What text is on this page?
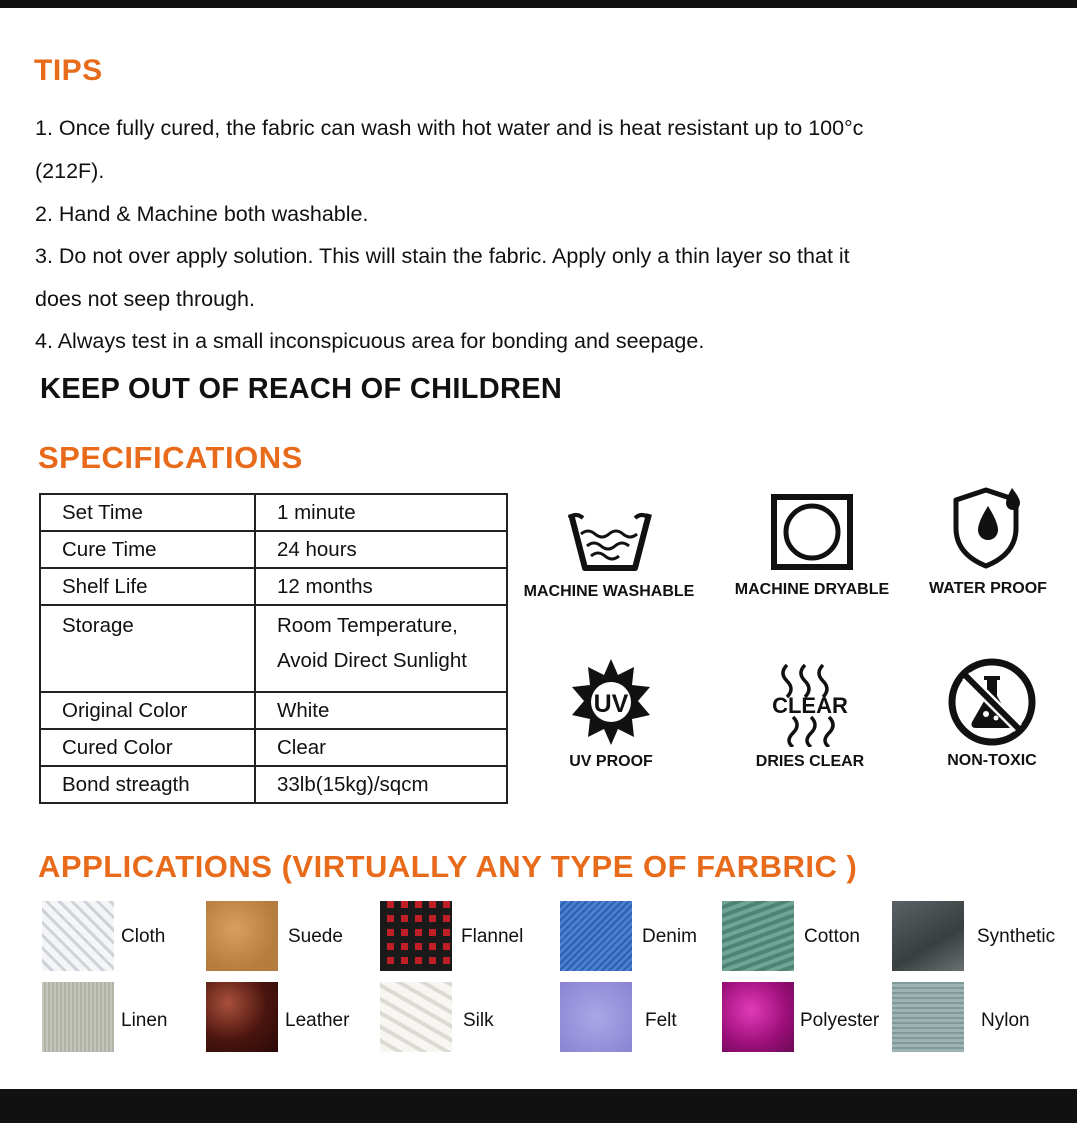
TIPS
1. Once fully cured, the fabric can wash with hot water and is heat resistant up to 100°c
(212F).
2. Hand & Machine both washable.
3. Do not over apply solution. This will stain the fabric. Apply only a thin layer so that it
does not seep through.
4. Always test in a small inconspicuous area for bonding and seepage.
KEEP OUT OF REACH OF CHILDREN
SPECIFICATIONS
Set Time	1 minute
Cure Time	24 hours
Shelf Life	12 months

Storage	Room Temperature,
Avoid Direct Sunlight

Original Color	White
Cured Color	Clear
Bond streagth	33lb(15kg)/sqcm
MACHINE WASHABLE	MACHINE DRYABLE	WATER PROOF
UV
UV PROOF
CLEAR
DRIES CLEAR	NON-TOXIC
APPLICATIONS (VIRTUALLY ANY TYPE OF FARBRIC )
Cloth	Suede	Flannel	Denim	Cotton	Synthetic
Linen	Leather	Silk	Felt	Polyester	Nylon
